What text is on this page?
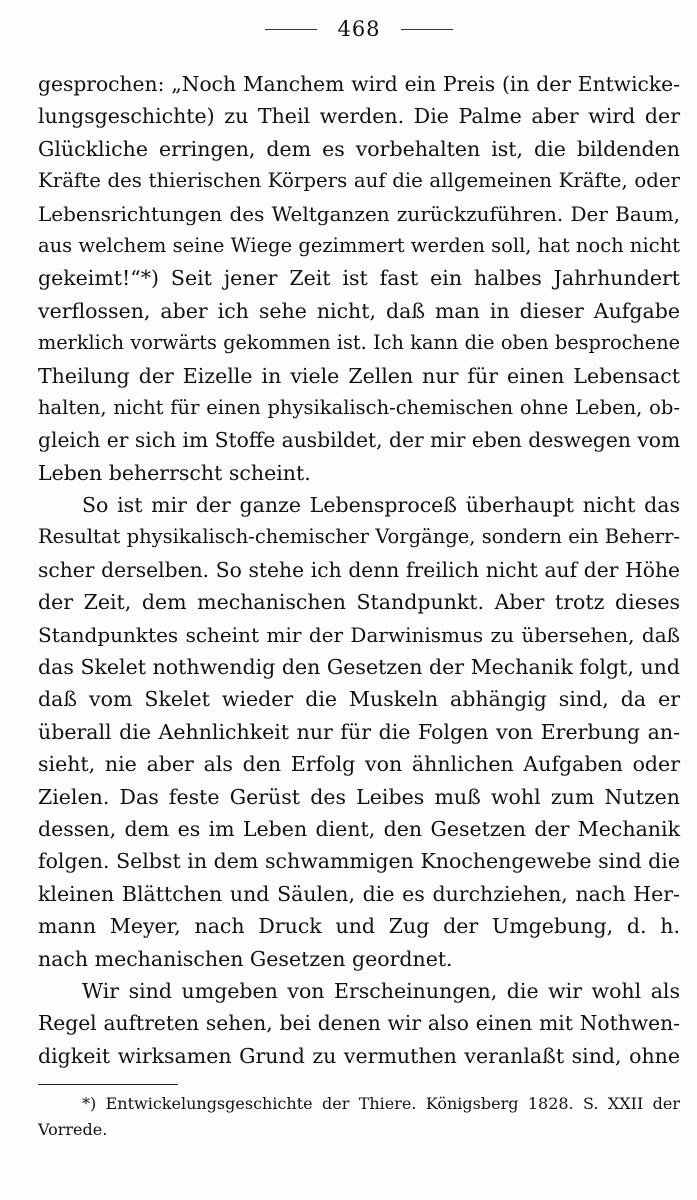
468
gesprochen: „Noch Manchem wird ein Preis (in der Entwicke-
lungsgeschichte) zu Theil werden. Die Palme aber wird der
Glückliche erringen, dem es vorbehalten ist, die bildenden
Kräfte des thierischen Körpers auf die allgemeinen Kräfte, oder
Lebensrichtungen des Weltganzen zurückzuführen. Der Baum,
aus welchem seine Wiege gezimmert werden soll, hat noch nicht
gekeimt!“*) Seit jener Zeit ist fast ein halbes Jahrhundert
verflossen, aber ich sehe nicht, daß man in dieser Aufgabe
merklich vorwärts gekommen ist. Ich kann die oben besprochene
Theilung der Eizelle in viele Zellen nur für einen Lebensact
halten, nicht für einen physikalisch-chemischen ohne Leben, ob-
gleich er sich im Stoffe ausbildet, der mir eben deswegen vom
Leben beherrscht scheint.
So ist mir der ganze Lebensproceß überhaupt nicht das
Resultat physikalisch-chemischer Vorgänge, sondern ein Beherr-
scher derselben. So stehe ich denn freilich nicht auf der Höhe
der Zeit, dem mechanischen Standpunkt. Aber trotz dieses
Standpunktes scheint mir der Darwinismus zu übersehen, daß
das Skelet nothwendig den Gesetzen der Mechanik folgt, und
daß vom Skelet wieder die Muskeln abhängig sind, da er
überall die Aehnlichkeit nur für die Folgen von Ererbung an-
sieht, nie aber als den Erfolg von ähnlichen Aufgaben oder
Zielen. Das feste Gerüst des Leibes muß wohl zum Nutzen
dessen, dem es im Leben dient, den Gesetzen der Mechanik
folgen. Selbst in dem schwammigen Knochengewebe sind die
kleinen Blättchen und Säulen, die es durchziehen, nach Her-
mann Meyer, nach Druck und Zug der Umgebung, d. h.
nach mechanischen Gesetzen geordnet.
Wir sind umgeben von Erscheinungen, die wir wohl als
Regel auftreten sehen, bei denen wir also einen mit Nothwen-
digkeit wirksamen Grund zu vermuthen veranlaßt sind, ohne
*) Entwickelungsgeschichte der Thiere. Königsberg 1828. S. XXII der
Vorrede.
